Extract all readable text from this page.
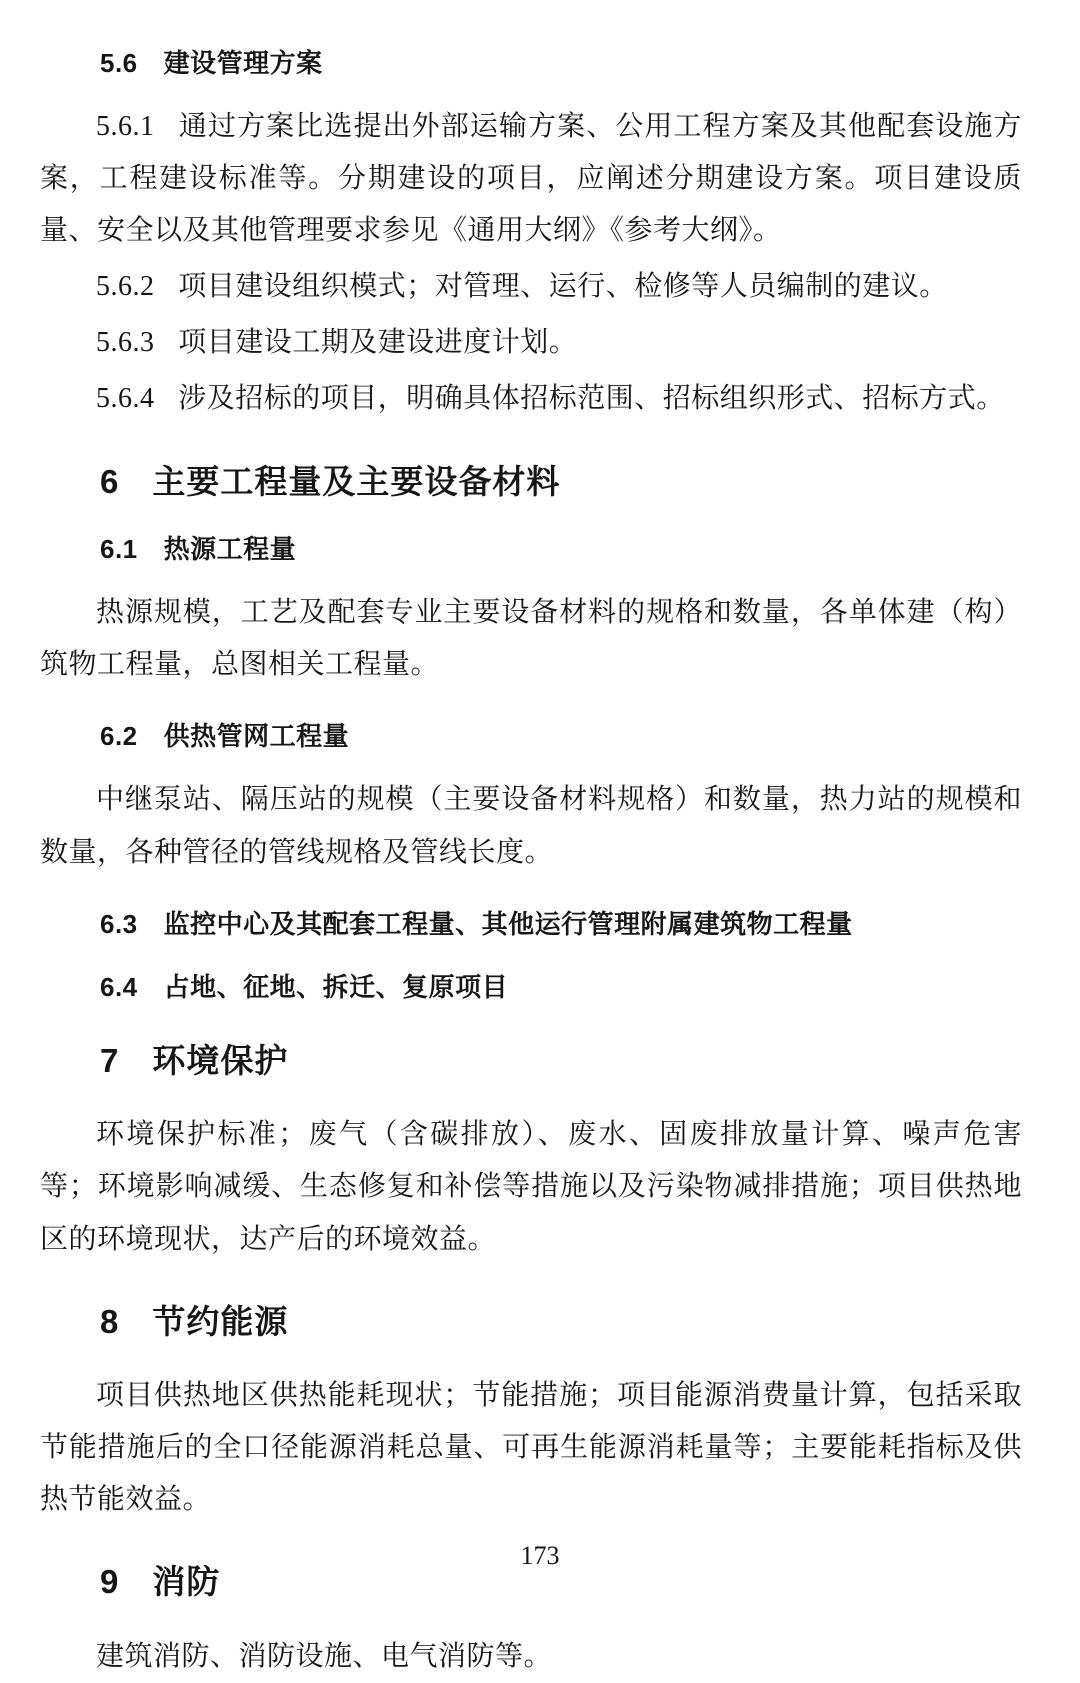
5.6 建设管理方案

5.6.1 通过方案比选提出外部运输方案、公用工程方案及其他配套设施方案，工程建设标准等。分期建设的项目，应阐述分期建设方案。项目建设质量、安全以及其他管理要求参见《通用大纲》《参考大纲》。

5.6.2 项目建设组织模式；对管理、运行、检修等人员编制的建议。

5.6.3 项目建设工期及建设进度计划。

5.6.4 涉及招标的项目，明确具体招标范围、招标组织形式、招标方式。

6 主要工程量及主要设备材料
6.1 热源工程量

热源规模，工艺及配套专业主要设备材料的规格和数量，各单体建（构）筑物工程量，总图相关工程量。

6.2 供热管网工程量

中继泵站、隔压站的规模（主要设备材料规格）和数量，热力站的规模和数量，各种管径的管线规格及管线长度。

6.3 监控中心及其配套工程量、其他运行管理附属建筑物工程量
6.4 占地、征地、拆迁、复原项目
7 环境保护

环境保护标准；废气（含碳排放）、废水、固废排放量计算、噪声危害等；环境影响减缓、生态修复和补偿等措施以及污染物减排措施；项目供热地区的环境现状，达产后的环境效益。

8 节约能源

项目供热地区供热能耗现状；节能措施；项目能源消费量计算，包括采取节能措施后的全口径能源消耗总量、可再生能源消耗量等；主要能耗指标及供热节能效益。

9 消防

建筑消防、消防设施、电气消防等。

173
